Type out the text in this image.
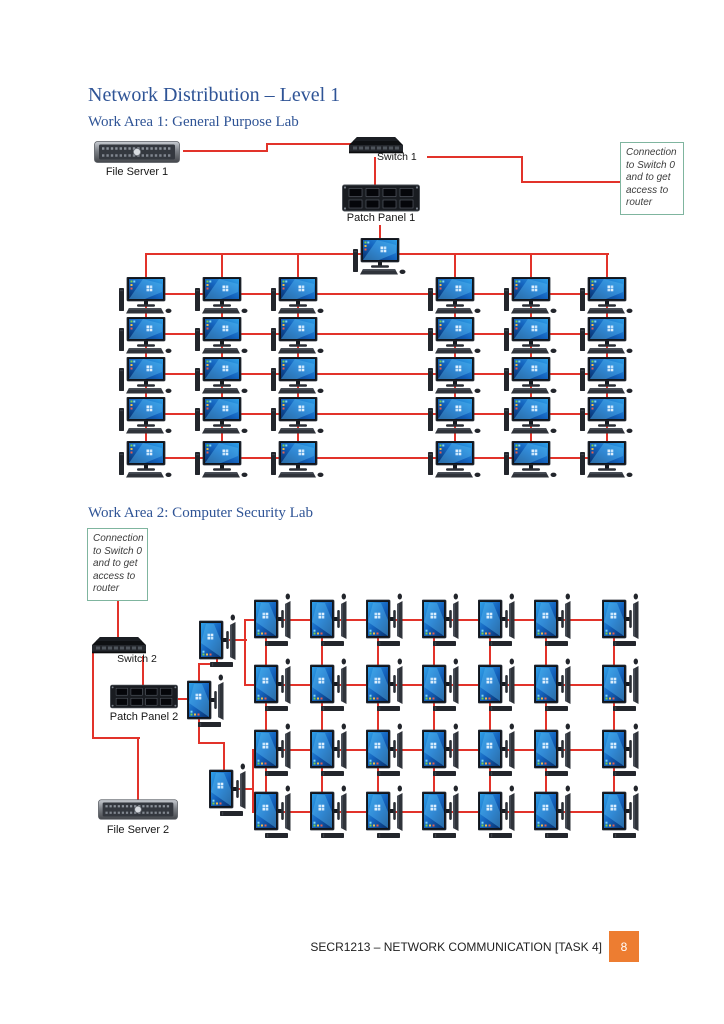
Network Distribution – Level 1
Work Area 1: General Purpose Lab
Work Area 2: Computer Security Lab
File Server 1
Switch 1
Patch Panel 1
Connection to Switch 0 and to get access to router
Connection to Switch 0 and to get access to router
Switch 2
Patch Panel 2
File Server 2
SECR1213 – NETWORK COMMUNICATION [TASK 4]	8
